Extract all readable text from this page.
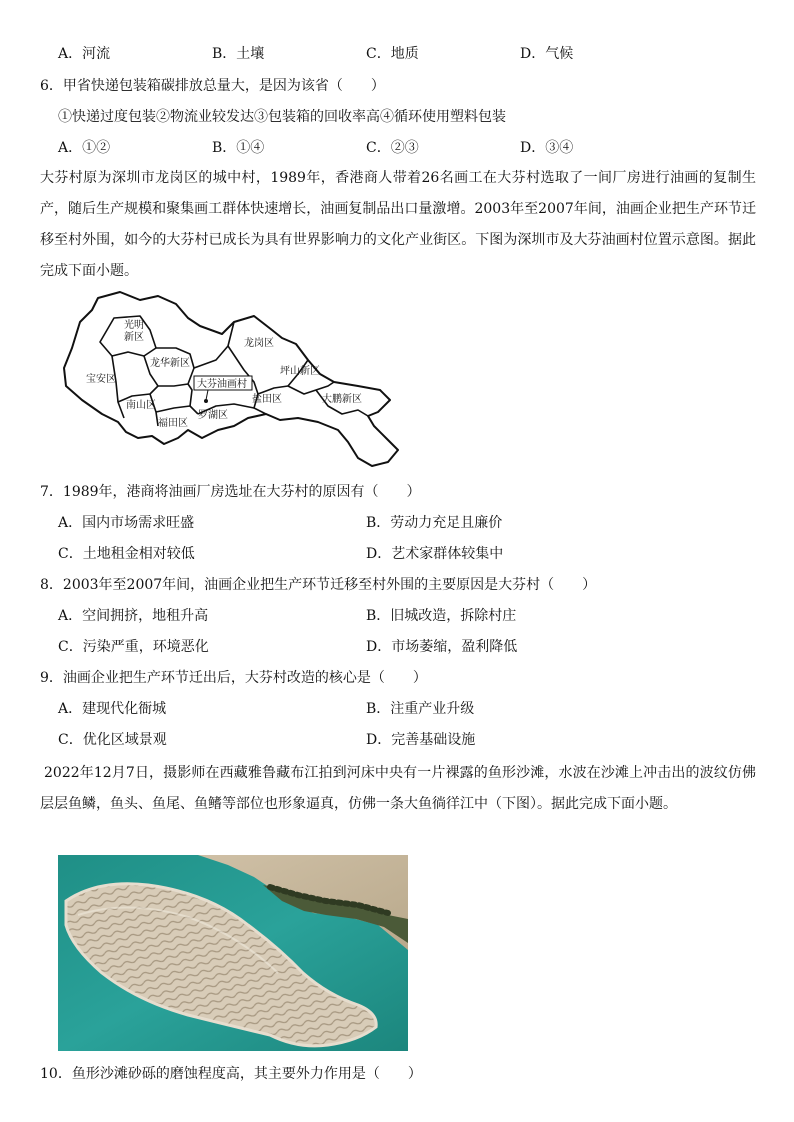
A．河流	B．土壤	C．地质	D．气候
6．甲省快递包装箱碳排放总量大，是因为该省（　　）
①快递过度包装②物流业较发达③包装箱的回收率高④循环使用塑料包装
A．①②	B．①④	C．②③	D．③④
大芬村原为深圳市龙岗区的城中村，1989年，香港商人带着26名画工在大芬村选取了一间厂房进行油画的复制生产，随后生产规模和聚集画工群体快速增长，油画复制品出口量激增。2003年至2007年间，油画企业把生产环节迁移至村外围，如今的大芬村已成长为具有世界影响力的文化产业街区。下图为深圳市及大芬油画村位置示意图。据此完成下面小题。
光明
新区
宝安区
龙华新区
龙岗区
坪山新区
大鹏新区
南山区
福田区
罗湖区
盐田区
大芬油画村
7．1989年，港商将油画厂房选址在大芬村的原因有（　　）
A．国内市场需求旺盛	B．劳动力充足且廉价
C．土地租金相对较低	D．艺术家群体较集中
8．2003年至2007年间，油画企业把生产环节迁移至村外围的主要原因是大芬村（　　）
A．空间拥挤，地租升高	B．旧城改造，拆除村庄
C．污染严重，环境恶化	D．市场萎缩，盈利降低
9．油画企业把生产环节迁出后，大芬村改造的核心是（　　）
A．建现代化衙城	B．注重产业升级
C．优化区域景观	D．完善基础设施
2022年12月7日，摄影师在西藏雅鲁藏布江拍到河床中央有一片裸露的鱼形沙滩，水波在沙滩上冲击出的波纹仿佛层层鱼鳞，鱼头、鱼尾、鱼鳍等部位也形象逼真，仿佛一条大鱼徜徉江中（下图）。据此完成下面小题。
10．鱼形沙滩砂砾的磨蚀程度高，其主要外力作用是（　　）
